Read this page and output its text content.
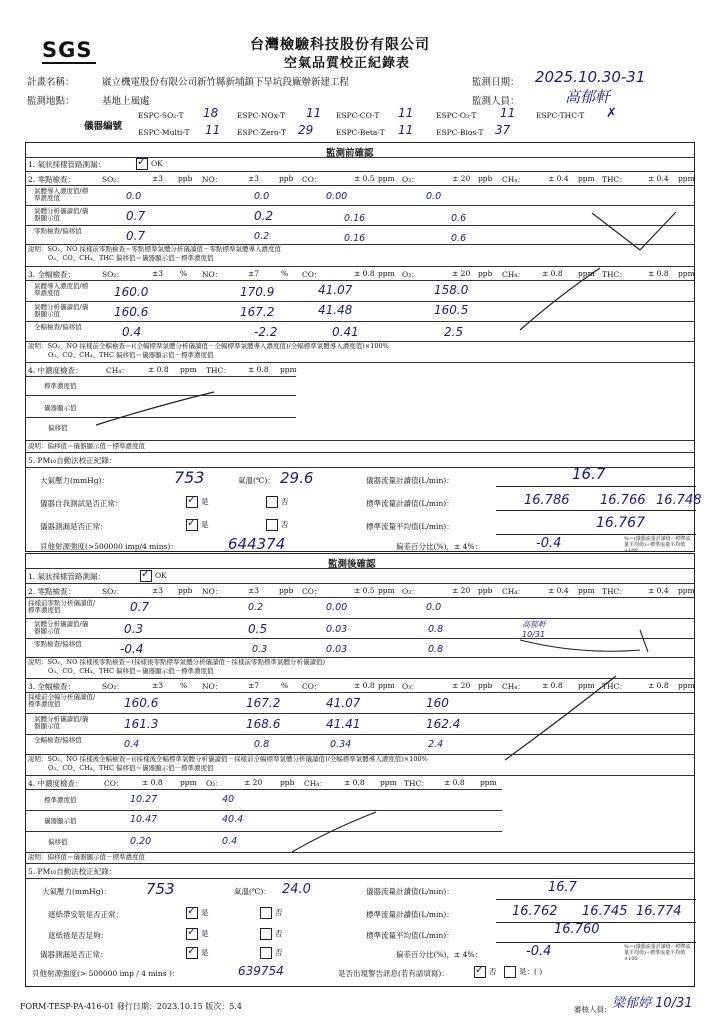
SGS	台灣檢驗科技股份有限公司
空氣品質校正紀錄表
計畫名稱：	崴立機電股份有限公司新竹縣新埔鎮下旱坑段廠辦新建工程
監測地點：	基地上風處
監測日期： 2025.10.30-31
監測人員：	高郁軒
儀器編號
ESPC-SO₂-T 18 ESPC-NOx-T 11 ESPC-CO-T 11	ESPC-O₃-T 11	ESPC-THC-T ✗
ESPC-Multi-T 11 ESPC-Zero-T 29	ESPC-Beta-T 11	ESPC-Bios-T 37
監測前確認
1. 氣狀採樣管路測漏：	✓ OK
2. 零點檢查：	SO₂：	±3 ppb NO：	±3	ppb CO：	± 0.5 ppm O₃：	± 20 ppb CH₄：	± 0.4 ppm THC：	± 0.4 ppm
氣體導入濃度值/標準濃度值	0.0	0.0	0.00	0.0
氣體分析儀讀值/儀器顯示值	0.7	0.2	0.16	0.6
零點檢查/偏移值	0.7	0.2	0.16	0.6
說明：SO₂、NO 採樣前零點檢查＝零點標準氣體分析儀讀值－零點標準氣體導入濃度值
O₃、CO、CH₄、THC 偏移值＝儀器顯示值－標準濃度值
3. 全幅檢查：	SO₂：	±3 % NO：	±7	% CO：	± 0.8 ppm O₃：	± 20 ppb CH₄： ± 0.8 ppm THC：	± 0.8 ppm
氣體導入濃度值/標準濃度值	160.0	170.9	41.07	158.0
氣體分析儀讀值/儀器顯示值	160.6	167.2	41.48	160.5
全幅檢查/偏移值	0.4	-2.2	0.41	2.5
說明：SO₂、NO 採樣前全幅檢查＝((全幅標準氣體分析儀讀值－全幅標準氣體導入濃度值)/全幅標準氣體導入濃度值)×100%
O₃、CO、CH₄、THC 偏移值＝儀器顯示值－標準濃度值
4. 中濃度檢查：	CH₄：	± 0.8 ppm THC： ± 0.8 ppm
標準濃度值
儀器顯示值
偏移值
說明：偏移值＝儀器顯示值－標準濃度值
5. PM₁₀自動法校正紀錄：
大氣壓力(mmHg)：	753	氣溫(℃)： 29.6	儀器流量計讀值(L/min)：	16.7
儀器自我測試是否正常：	✓ 是	否	標準流量計讀值(L/min)：	16.786 16.766 16.748
儀器測漏是否正常：	✓ 是	否	標準流量平均值(L/min)：	16.767
貝他射源強度(>500000 imp/4 mins)：	644374	偏差百分比(%)，± 4%：	-0.4	%＝(儀器流量計讀值－標準流量平均值)÷標準流量平均值×100
監測後確認
1. 氣狀採樣管路測漏：	✓ OK
2. 零點檢查：	SO₂：	±3 ppb NO：	±3	ppb CO：	± 0.5 ppm O₃：	± 20 ppb CH₄：	± 0.4 ppm THC：	± 0.4 ppm
採樣前零點分析儀讀值/標準濃度值	0.7	0.2	0.00	0.0
氣體分析儀讀值/儀器顯示值	0.3	0.5	0.03	0.8
零點檢查/偏移值	-0.4	0.3	0.03	0.8
高郁軒 10/31
說明：SO₂、NO 採樣後零點檢查＝(採樣後零點標準氣體分析儀讀值－採樣前零點標準氣體分析儀讀值)
O₃、CO、CH₄、THC 偏移值＝儀器顯示值－標準濃度值
3. 全幅檢查：	SO₂：	±3 % NO：	±7	% CO：	± 0.8 ppm O₃：	± 20 ppb CH₄： ± 0.8 ppm THC：	± 0.8 ppm
採樣前全幅分析儀讀值/標準濃度值	160.6	167.2	41.07	160
氣體分析儀讀值/儀器顯示值	161.3	168.6	41.41	162.4
全幅檢查/偏移值	0.4	0.8	0.34	2.4
說明：SO₂、NO 採樣後全幅檢查＝((採樣後全幅標準氣體分析儀讀值－採樣前全幅標準氣體分析儀讀值)/全幅標準氣體導入濃度值)×100%
O₃、CO、CH₄、THC 偏移值＝儀器顯示值－標準濃度值
4. 中濃度檢查：	CO： ± 0.8 ppm O₃：	± 20 ppb CH₄： ± 0.8 ppm THC： ± 0.8 ppm
標準濃度值	10.27	40
儀器顯示值	10.47	40.4
偏移值	0.20	0.4
說明：偏移值＝儀器顯示值－標準濃度值
5. PM₁₀自動法校正紀錄：
大氣壓力(mmHg)： 753	氣溫(℃)： 24.0	儀器流量計讀值(L/min)：	16.7
遮紙帶安裝是否正常：	✓ 是	否	標準流量計讀值(L/min)：	16.762 16.745 16.774
遮紙捲是否足夠：	✓ 是	否	標準流量平均值(L/min)：	16.760
儀器測漏是否正常：	✓ 是	否	偏差百分比(%)，± 4%：	-0.4	%＝(儀器流量計讀值－標準流量平均值)÷標準流量平均值×100
貝他射源強度(> 500000 imp / 4 mins )：	639754	是否出現警告訊息(若有請填寫)： ✓ 否	是：( )
FORM-TESP-PA-416-01 發行日期：2023.10.15 版次：5.4	審核人員： 梁郁婷 10/31
